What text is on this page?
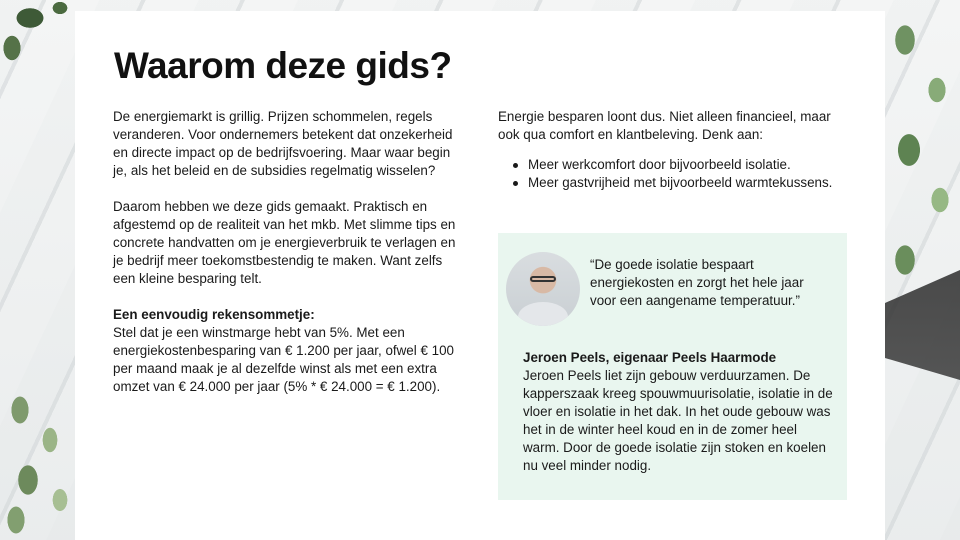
Waarom deze gids?

De energiemarkt is grillig. Prijzen schommelen, regels veranderen. Voor ondernemers betekent dat onzekerheid en directe impact op de bedrijfsvoering. Maar waar begin je, als het beleid en de subsidies regelmatig wisselen?

Daarom hebben we deze gids gemaakt. Praktisch en afgestemd op de realiteit van het mkb. Met slimme tips en concrete handvatten om je energieverbruik te verlagen en je bedrijf meer toekomstbestendig te maken. Want zelfs een kleine besparing telt.

Een eenvoudig rekensommetje:

Stel dat je een winstmarge hebt van 5%. Met een energiekostenbesparing van € 1.200 per jaar, ofwel € 100 per maand maak je al dezelfde winst als met een extra omzet van € 24.000 per jaar (5% * € 24.000 = € 1.200).

Energie besparen loont dus. Niet alleen financieel, maar ook qua comfort en klantbeleving. Denk aan:

Meer werkcomfort door bijvoorbeeld isolatie.
Meer gastvrijheid met bijvoorbeeld warmtekussens.

“De goede isolatie bespaart energiekosten en zorgt het hele jaar voor een aangename temperatuur.”

Jeroen Peels, eigenaar Peels Haarmode

Jeroen Peels liet zijn gebouw verduurzamen. De kapperszaak kreeg spouwmuurisolatie, isolatie in de vloer en isolatie in het dak. In het oude gebouw was het in de winter heel koud en in de zomer heel warm. Door de goede isolatie zijn stoken en koelen nu veel minder nodig.
